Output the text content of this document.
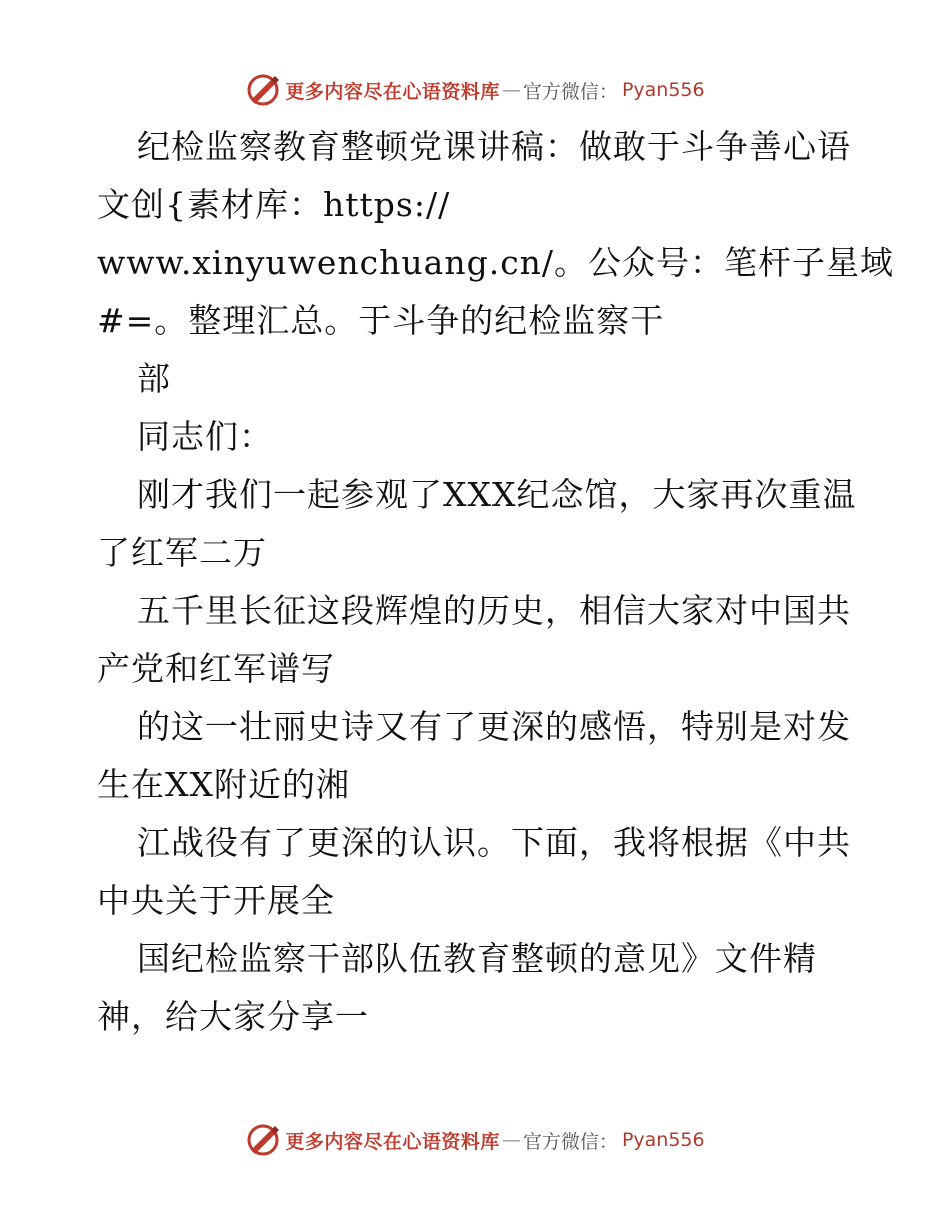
更多内容尽在心语资料库 — 官方微信： Pyan556
纪检监察教育整顿党课讲稿：做敢于斗争善心语
文创{素材库：https://
www.xinyuwenchuang.cn/。公众号：笔杆子星域
#=。整理汇总。于斗争的纪检监察干
部
同志们：
刚才我们一起参观了XXX纪念馆，大家再次重温
了红军二万
五千里长征这段辉煌的历史，相信大家对中国共
产党和红军谱写
的这一壮丽史诗又有了更深的感悟，特别是对发
生在XX附近的湘
江战役有了更深的认识。下面，我将根据《中共
中央关于开展全
国纪检监察干部队伍教育整顿的意见》文件精
神，给大家分享一
更多内容尽在心语资料库 — 官方微信： Pyan556
